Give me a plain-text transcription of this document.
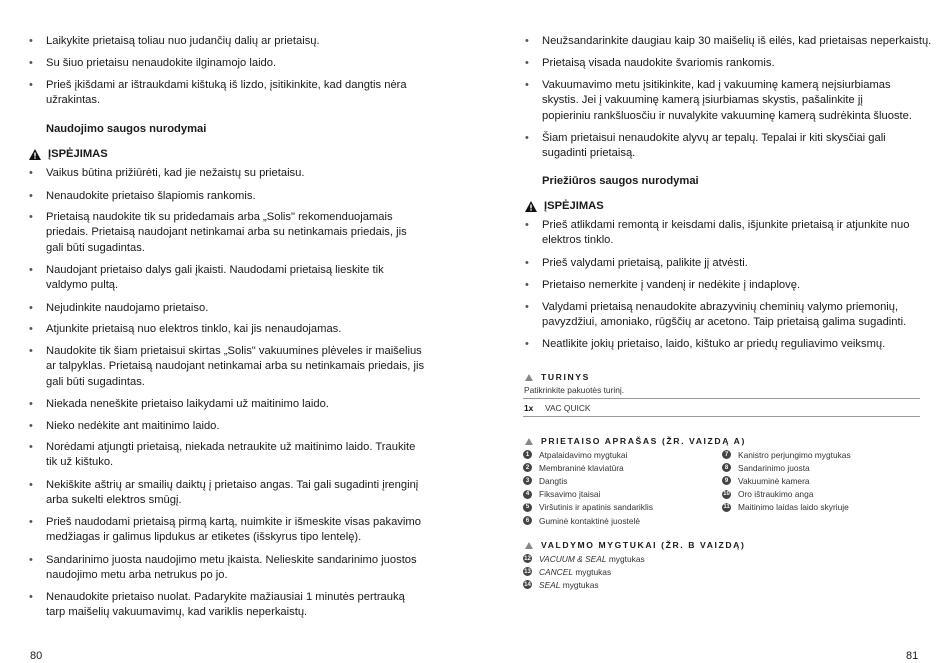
• Laikykite prietaisą toliau nuo judančių dalių ar prietaisų.
• Su šiuo prietaisu nenaudokite ilginamojo laido.
• Prieš įkišdami ar ištraukdami kištuką iš lizdo, įsitikinkite, kad dangtis nėra užrakintas.
Naudojimo saugos nurodymai
ĮSPĖJIMAS
• Vaikus būtina prižiūrėti, kad jie nežaistų su prietaisu.
• Nenaudokite prietaiso šlapiomis rankomis.
• Prietaisą naudokite tik su pridedamais arba „Solis" rekomenduojamais priedais. Prietaisą naudojant netinkamai arba su netinkamais priedais, jis gali būti sugadintas.
• Naudojant prietaiso dalys gali įkaisti. Naudodami prietaisą lieskite tik valdymo pultą.
• Nejudinkite naudojamo prietaiso.
• Atjunkite prietaisą nuo elektros tinklo, kai jis nenaudojamas.
• Naudokite tik šiam prietaisui skirtas „Solis" vakuumines plėveles ir maišelius ar talpyklas. Prietaisą naudojant netinkamai arba su netinkamais priedais, jis gali būti sugadintas.
• Niekada neneškite prietaiso laikydami už maitinimo laido.
• Nieko nedėkite ant maitinimo laido.
• Norėdami atjungti prietaisą, niekada netraukite už maitinimo laido. Traukite tik už kištuko.
• Nekiškite aštrių ar smailių daiktų į prietaiso angas. Tai gali sugadinti įrenginį arba sukelti elektros smūgį.
• Prieš naudodami prietaisą pirmą kartą, nuimkite ir išmeskite visas pakavimo medžiagas ir galimus lipdukus ar etiketes (išskyrus tipo lentelę).
• Sandarinimo juosta naudojimo metu įkaista. Nelieskite sandarinimo juostos naudojimo metu arba netrukus po jo.
• Nenaudokite prietaiso nuolat. Padarykite mažiausiai 1 minutės pertrauką tarp maišelių vakuumavimų, kad variklis neperkaistų.
80
• Neužsandarinkite daugiau kaip 30 maišelių iš eilės, kad prietaisas neperkaistų.
• Prietaisą visada naudokite švariomis rankomis.
• Vakuumavimo metu įsitikinkite, kad į vakuuminę kamerą neįsiurbiamas skystis. Jei į vakuuminę kamerą įsiurbiamas skystis, pašalinkite jį popieriniu rankšluosčiu ir nuvalykite vakuuminę kamerą sudrėkinta šluoste.
• Šiam prietaisui nenaudokite alyvų ar tepalų. Tepalai ir kiti skysčiai gali sugadinti prietaisą.
Priežiūros saugos nurodymai
ĮSPĖJIMAS
• Prieš atlikdami remontą ir keisdami dalis, išjunkite prietaisą ir atjunkite nuo elektros tinklo.
• Prieš valydami prietaisą, palikite jį atvėsti.
• Prietaiso nemerkite į vandenį ir nedėkite į indaplovę.
• Valydami prietaisą nenaudokite abrazyvinių cheminių valymo priemonių, pavyzdžiui, amoniako, rūgščių ar acetono. Taip prietaisą galima sugadinti.
• Neatlikite jokių prietaiso, laido, kištuko ar priedų reguliavimo veiksmų.
TURINYS
Patikrinkite pakuotės turinį.
1x VAC QUICK
PRIETAISO APRAŠAS (ŽR. VAIZDĄ A)
1	Atpalaidavimo mygtukai
2	Membraninė klaviatūra
3	Dangtis
4	Fiksavimo įtaisai
5	Viršutinis ir apatinis sandariklis
6	Guminė kontaktinė juostelė
7	Kanistro perjungimo mygtukas
8	Sandarinimo juosta
9	Vakuuminė kamera
10 Oro ištraukimo anga
11 Maitinimo laidas laido skyriuje
VALDYMO MYGTUKAI (ŽR. B VAIZDĄ)
12 VACUUM & SEAL
mygtukas
13 CANCEL
mygtukas
14 SEAL
mygtukas
81
